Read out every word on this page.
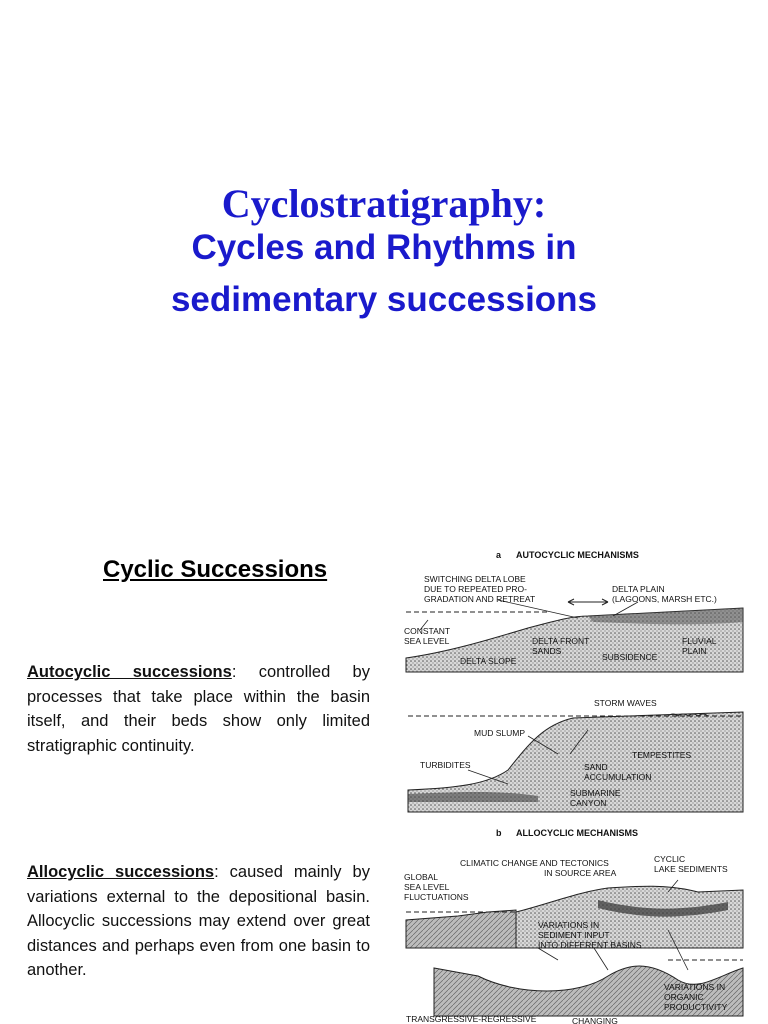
Cyclostratigraphy:
Cycles and Rhythms in
sedimentary successions
Cyclic Successions

Autocyclic successions: controlled by processes that take place within the basin itself, and their beds show only limited stratigraphic continuity.

Allocyclic successions: caused mainly by variations external to the depositional basin. Allocyclic successions may extend over great distances and perhaps even from one basin to another.

a AUTOCYCLIC MECHANISMS
SWITCHING DELTA LOBE
DUE TO REPEATED PRO-
GRADATION AND RETREAT
DELTA PLAIN
(LAGOONS, MARSH ETC.)
CONSTANT
SEA LEVEL	DELTA FRONT
SANDS
SUBSIDENCE
FLUVIAL
PLAIN
DELTA SLOPE
STORM WAVES
MUD SLUMP
TEMPESTITES
TURBIDITES	SAND
ACCUMULATION
SUBMARINE
CANYON
b ALLOCYCLIC MECHANISMS
CLIMATIC CHANGE AND TECTONICS
IN SOURCE AREA
CYCLIC
LAKE SEDIMENTS
GLOBAL
SEA LEVEL
FLUCTUATIONS
VARIATIONS IN
SEDIMENT INPUT
INTO DIFFERENT BASINS
VARIATIONS IN
ORGANIC
PRODUCTIVITY
TRANSGRESSIVE-REGRESSIVE	CHANGING
